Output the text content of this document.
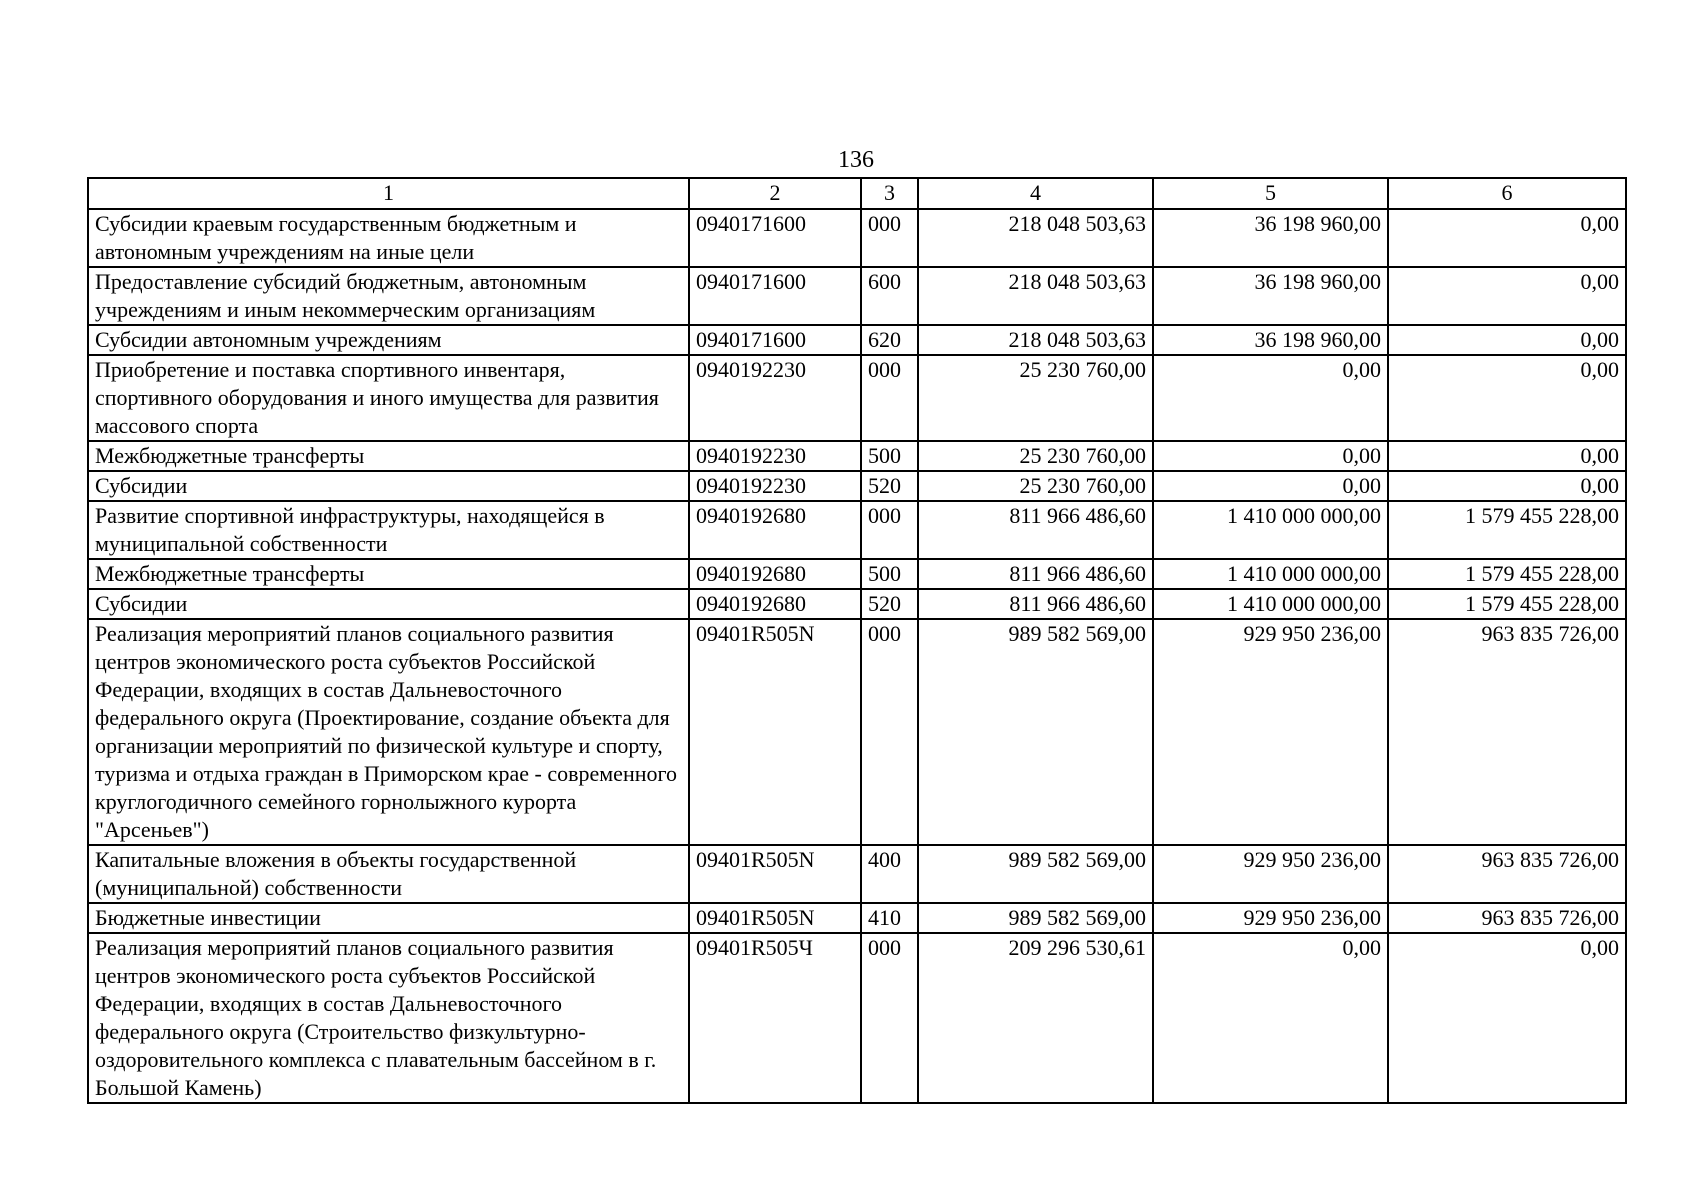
136
1	2	3	4	5	6
Субсидии краевым государственным бюджетным и автономным учреждениям на иные цели	0940171600	000	218 048 503,63	36 198 960,00	0,00
Предоставление субсидий бюджетным, автономным учреждениям и иным некоммерческим организациям	0940171600	600	218 048 503,63	36 198 960,00	0,00
Субсидии автономным учреждениям	0940171600	620	218 048 503,63	36 198 960,00	0,00
Приобретение и поставка спортивного инвентаря, спортивного оборудования и иного имущества для развития массового спорта	0940192230	000	25 230 760,00	0,00	0,00
Межбюджетные трансферты	0940192230	500	25 230 760,00	0,00	0,00
Субсидии	0940192230	520	25 230 760,00	0,00	0,00
Развитие спортивной инфраструктуры, находящейся в муниципальной собственности	0940192680	000	811 966 486,60	1 410 000 000,00	1 579 455 228,00
Межбюджетные трансферты	0940192680	500	811 966 486,60	1 410 000 000,00	1 579 455 228,00
Субсидии	0940192680	520	811 966 486,60	1 410 000 000,00	1 579 455 228,00
Реализация мероприятий планов социального развития центров экономического роста субъектов Российской Федерации, входящих в состав Дальневосточного федерального округа (Проектирование, создание объекта для организации мероприятий по физической культуре и спорту, туризма и отдыха граждан в Приморском крае - современного круглогодичного семейного горнолыжного курорта "Арсеньев")	09401R505N	000	989 582 569,00	929 950 236,00	963 835 726,00
Капитальные вложения в объекты государственной (муниципальной) собственности	09401R505N	400	989 582 569,00	929 950 236,00	963 835 726,00
Бюджетные инвестиции	09401R505N	410	989 582 569,00	929 950 236,00	963 835 726,00
Реализация мероприятий планов социального развития центров экономического роста субъектов Российской Федерации, входящих в состав Дальневосточного федерального округа (Строительство физкультурно-оздоровительного комплекса с плавательным бассейном в г. Большой Камень)	09401R505Ч	000	209 296 530,61	0,00	0,00
